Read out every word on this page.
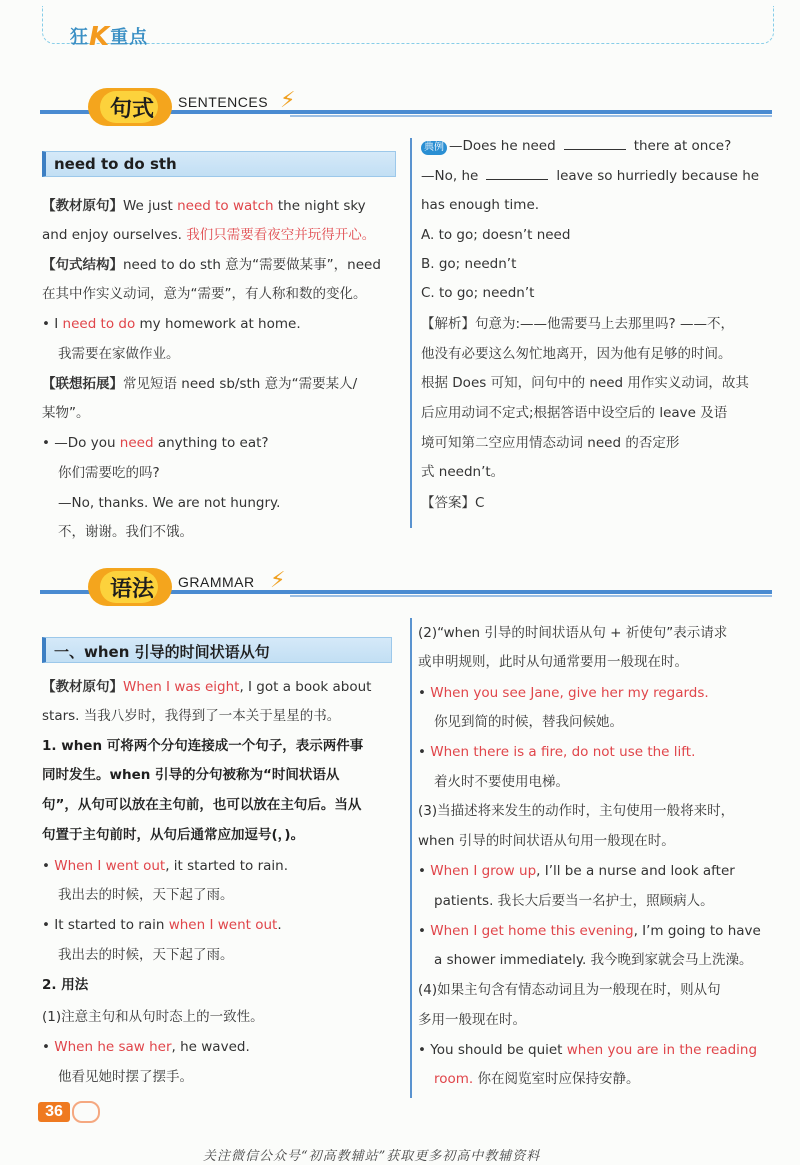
狂K重点
句式	SENTENCES ⚡
need to do sth
【教材原句】We just need to watch the night sky
and enjoy ourselves. 我们只需要看夜空并玩得开心。
【句式结构】need to do sth 意为“需要做某事”，need
在其中作实义动词，意为“需要”，有人称和数的变化。
• I need to do my homework at home.
我需要在家做作业。
【联想拓展】常见短语 need sb/sth 意为“需要某人/
某物”。
• —Do you need anything to eat?
你们需要吃的吗?
—No, thanks. We are not hungry.
不，谢谢。我们不饿。
典例 —Does he need	there at once?
—No, he	leave so hurriedly because he
has enough time.
A. to go; doesn’t need
B. go; needn’t
C. to go; needn’t
【解析】句意为:——他需要马上去那里吗? ——不，
他没有必要这么匆忙地离开，因为他有足够的时间。
根据 Does 可知，问句中的 need 用作实义动词，故其
后应用动词不定式;根据答语中设空后的 leave 及语
境可知第二空应用情态动词 need 的否定形
式 needn’t。
【答案】C
语法	GRAMMAR ⚡
一、when 引导的时间状语从句
【教材原句】When I was eight, I got a book about
stars. 当我八岁时，我得到了一本关于星星的书。
1. when 可将两个分句连接成一个句子，表示两件事
同时发生。when 引导的分句被称为“时间状语从
句”，从句可以放在主句前，也可以放在主句后。当从
句置于主句前时，从句后通常应加逗号(，)。
• When I went out, it started to rain.
我出去的时候，天下起了雨。
• It started to rain when I went out.
我出去的时候，天下起了雨。
2. 用法
(1)注意主句和从句时态上的一致性。
• When he saw her, he waved.
他看见她时摆了摆手。
(2)“when 引导的时间状语从句 + 祈使句”表示请求
或申明规则，此时从句通常要用一般现在时。
• When you see Jane, give her my regards.
你见到简的时候，替我问候她。
• When there is a fire, do not use the lift.
着火时不要使用电梯。
(3)当描述将来发生的动作时，主句使用一般将来时，
when 引导的时间状语从句用一般现在时。
• When I grow up, I’ll be a nurse and look after
patients. 我长大后要当一名护士，照顾病人。
• When I get home this evening, I’m going to have
a shower immediately. 我今晚到家就会马上洗澡。
(4)如果主句含有情态动词且为一般现在时，则从句
多用一般现在时。
• You should be quiet when you are in the reading
room. 你在阅览室时应保持安静。
36
关注微信公众号“初高教辅站”获取更多初高中教辅资料
